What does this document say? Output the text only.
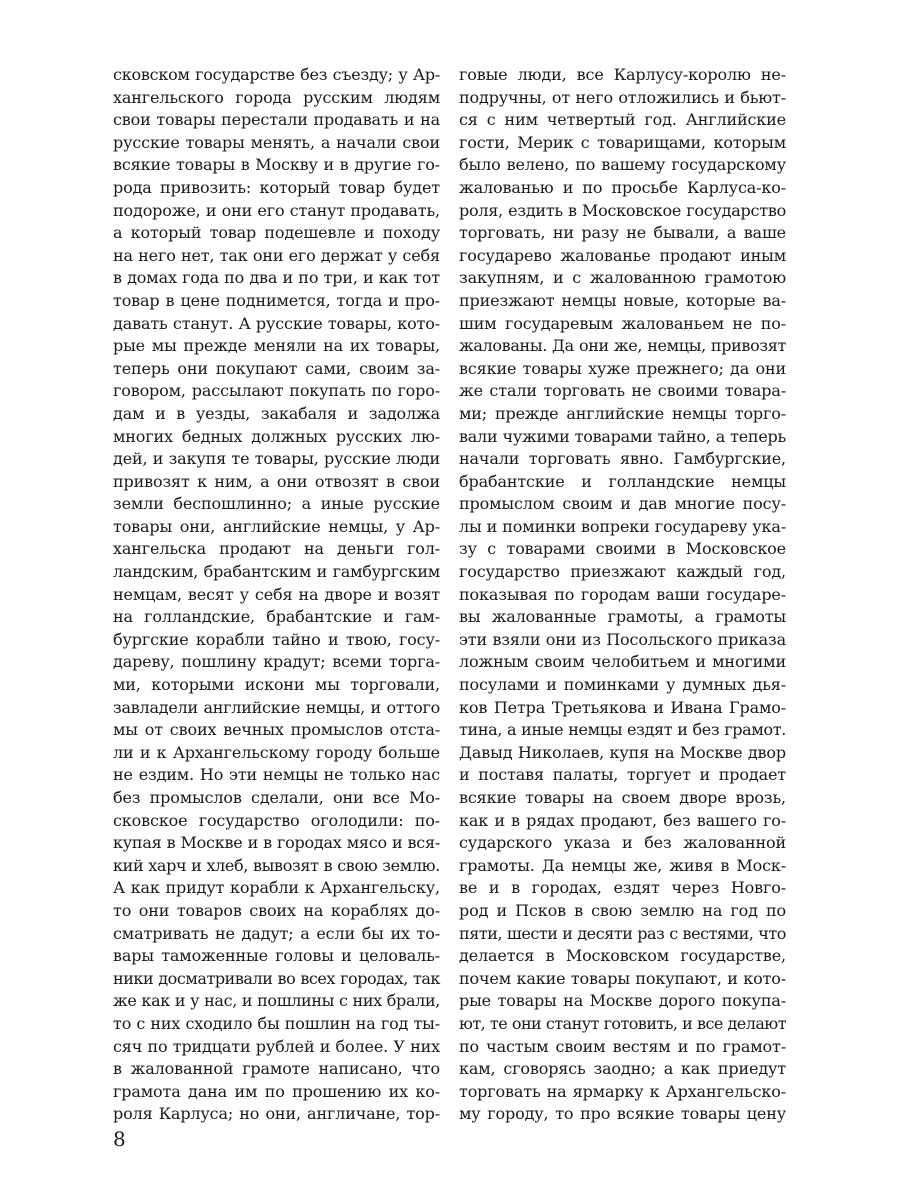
сковском государстве без съезду; у Ар-
хангельского города русским людям
свои товары перестали продавать и на
русские товары менять, а начали свои
всякие товары в Москву и в другие го-
рода привозить: который товар будет
подороже, и они его станут продавать,
а который товар подешевле и походу
на него нет, так они его держат у себя
в домах года по два и по три, и как тот
товар в цене поднимется, тогда и про-
давать станут. А русские товары, кото-
рые мы прежде меняли на их товары,
теперь они покупают сами, своим за-
говором, рассылают покупать по горо-
дам и в уезды, закабаля и задолжа
многих бедных должных русских лю-
дей, и закупя те товары, русские люди
привозят к ним, а они отвозят в свои
земли беспошлинно; а иные русские
товары они, английские немцы, у Ар-
хангельска продают на деньги гол-
ландским, брабантским и гамбургским
немцам, весят у себя на дворе и возят
на голландские, брабантские и гам-
бургские корабли тайно и твою, госу-
дареву, пошлину крадут; всеми торга-
ми, которыми искони мы торговали,
завладели английские немцы, и оттого
мы от своих вечных промыслов отста-
ли и к Архангельскому городу больше
не ездим. Но эти немцы не только нас
без промыслов сделали, они все Мо-
сковское государство оголодили: по-
купая в Москве и в городах мясо и вся-
кий харч и хлеб, вывозят в свою землю.
А как придут корабли к Архангельску,
то они товаров своих на кораблях до-
сматривать не дадут; а если бы их то-
вары таможенные головы и целоваль-
ники досматривали во всех городах, так
же как и у нас, и пошлины с них брали,
то с них сходило бы пошлин на год ты-
сяч по тридцати рублей и более. У них
в жалованной грамоте написано, что
грамота дана им по прошению их ко-
роля Карлуса; но они, англичане, тор-
говые люди, все Карлусу-королю не-
подручны, от него отложились и бьют-
ся с ним четвертый год. Английские
гости, Мерик с товарищами, которым
было велено, по вашему государскому
жалованью и по просьбе Карлуса-ко-
роля, ездить в Московское государство
торговать, ни разу не бывали, а ваше
государево жалованье продают иным
закупням, и с жалованною грамотою
приезжают немцы новые, которые ва-
шим государевым жалованьем не по-
жалованы. Да они же, немцы, привозят
всякие товары хуже прежнего; да они
же стали торговать не своими товара-
ми; прежде английские немцы торго-
вали чужими товарами тайно, а теперь
начали торговать явно. Гамбургские,
брабантские и голландские немцы
промыслом своим и дав многие посу-
лы и поминки вопреки государеву ука-
зу с товарами своими в Московское
государство приезжают каждый год,
показывая по городам ваши государе-
вы жалованные грамоты, а грамоты
эти взяли они из Посольского приказа
ложным своим челобитьем и многими
посулами и поминками у думных дья-
ков Петра Третьякова и Ивана Грамо-
тина, а иные немцы ездят и без грамот.
Давыд Николаев, купя на Москве двор
и поставя палаты, торгует и продает
всякие товары на своем дворе врозь,
как и в рядах продают, без вашего го-
сударского указа и без жалованной
грамоты. Да немцы же, живя в Моск-
ве и в городах, ездят через Новго-
род и Псков в свою землю на год по
пяти, шести и десяти раз с вестями, что
делается в Московском государстве,
почем какие товары покупают, и кото-
рые товары на Москве дорого покупа-
ют, те они станут готовить, и все делают
по частым своим вестям и по грамот-
кам, сговорясь заодно; а как приедут
торговать на ярмарку к Архангельско-
му городу, то про всякие товары цену
8
